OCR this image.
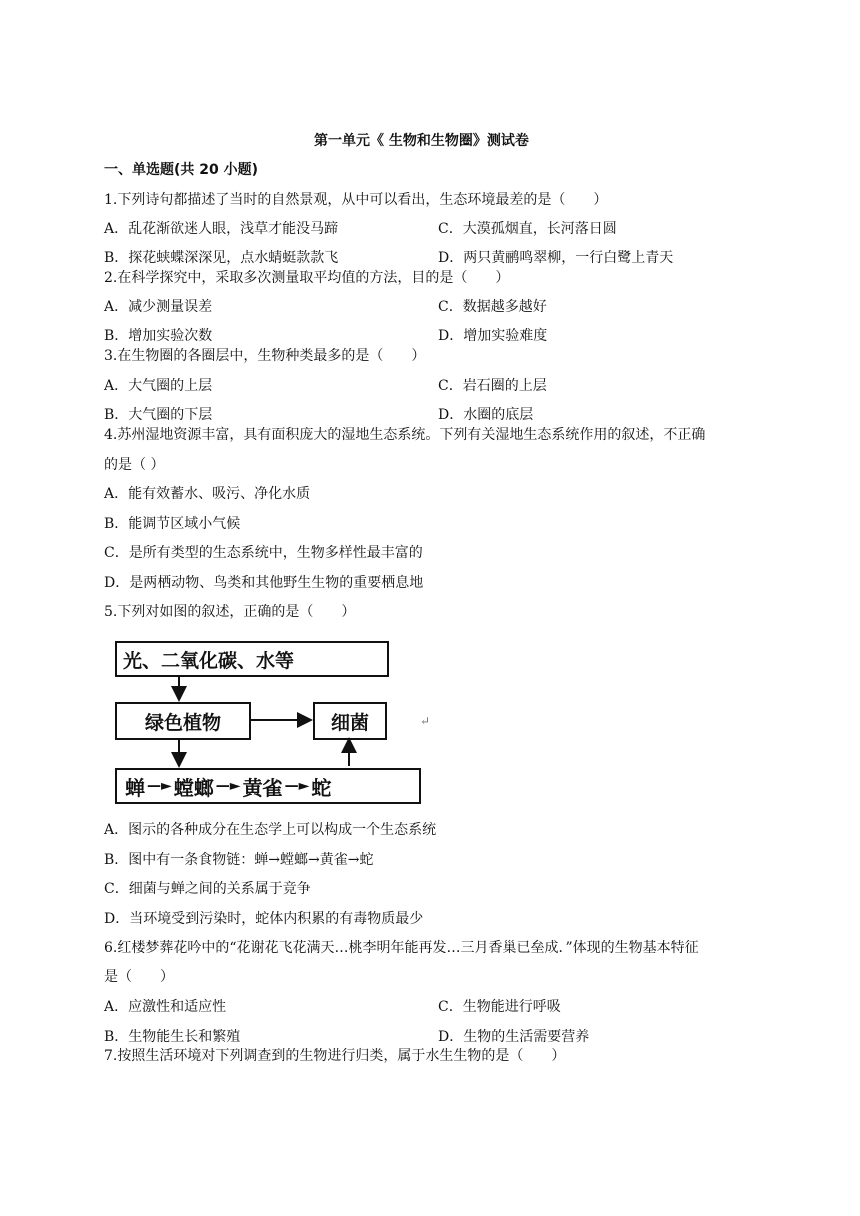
第一单元《 生物和生物圈》测试卷
一、单选题(共 20 小题)
1.下列诗句都描述了当时的自然景观，从中可以看出，生态环境最差的是（　　）
A．乱花渐欲迷人眼，浅草才能没马蹄	C．大漠孤烟直，长河落日圆
B．探花蛱蝶深深见，点水蜻蜓款款飞	D．两只黄鹂鸣翠柳，一行白鹭上青天
2.在科学探究中，采取多次测量取平均值的方法，目的是（　　）
A．减少测量误差	C．数据越多越好
B．增加实验次数	D．增加实验难度
3.在生物圈的各圈层中，生物种类最多的是（　　）
A．大气圈的上层	C．岩石圈的上层
B．大气圈的下层	D．水圈的底层
4.苏州湿地资源丰富，具有面积庞大的湿地生态系统。下列有关湿地生态系统作用的叙述，不正确
的是（ ）
A．能有效蓄水、吸污、净化水质
B．能调节区域小气候
C．是所有类型的生态系统中，生物多样性最丰富的
D．是两栖动物、鸟类和其他野生生物的重要栖息地
5.下列对如图的叙述，正确的是（　　）
光、二氧化碳、水等
绿色植物	细菌
蝉 —► 螳螂 —► 黄雀 —► 蛇
↵
A．图示的各种成分在生态学上可以构成一个生态系统
B．图中有一条食物链：蝉→螳螂→黄雀→蛇
C．细菌与蝉之间的关系属于竞争
D．当环境受到污染时，蛇体内积累的有毒物质最少
6.红楼梦葬花吟中的“花谢花飞花满天…桃李明年能再发…三月香巢已垒成．”体现的生物基本特征
是（　　）
A．应激性和适应性	C．生物能进行呼吸
B．生物能生长和繁殖	D．生物的生活需要营养
7.按照生活环境对下列调查到的生物进行归类，属于水生生物的是（　　）
